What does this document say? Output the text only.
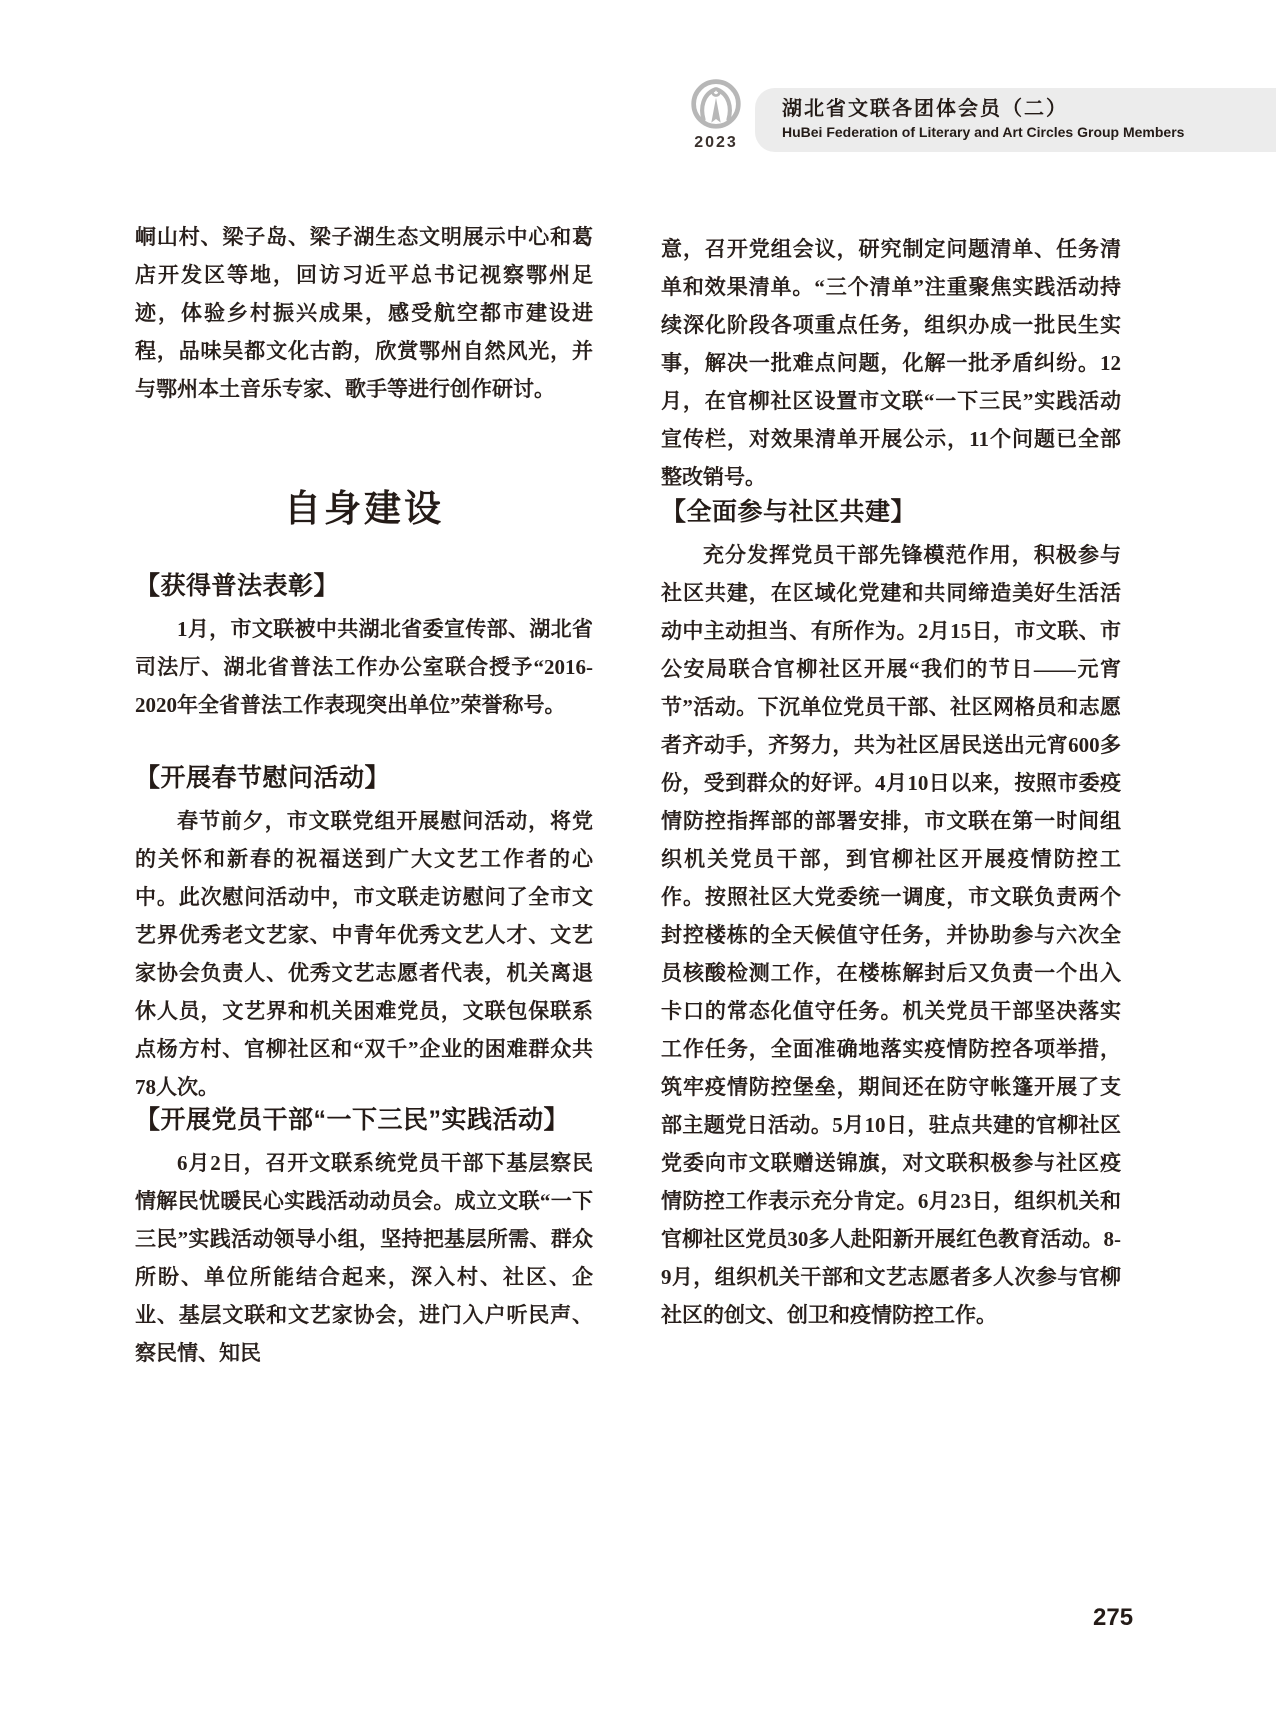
2023
湖北省文联各团体会员（二）
HuBei Federation of Literary and Art Circles Group Members

峒山村、梁子岛、梁子湖生态文明展示中心和葛店开发区等地，回访习近平总书记视察鄂州足迹，体验乡村振兴成果，感受航空都市建设进程，品味吴都文化古韵，欣赏鄂州自然风光，并与鄂州本土音乐专家、歌手等进行创作研讨。

自身建设
【获得普法表彰】

1月，市文联被中共湖北省委宣传部、湖北省司法厅、湖北省普法工作办公室联合授予“2016-2020年全省普法工作表现突出单位”荣誉称号。

【开展春节慰问活动】

春节前夕，市文联党组开展慰问活动，将党的关怀和新春的祝福送到广大文艺工作者的心中。此次慰问活动中，市文联走访慰问了全市文艺界优秀老文艺家、中青年优秀文艺人才、文艺家协会负责人、优秀文艺志愿者代表，机关离退休人员，文艺界和机关困难党员，文联包保联系点杨方村、官柳社区和“双千”企业的困难群众共78人次。

【开展党员干部“一下三民”实践活动】

6月2日，召开文联系统党员干部下基层察民情解民忧暖民心实践活动动员会。成立文联“一下三民”实践活动领导小组，坚持把基层所需、群众所盼、单位所能结合起来，深入村、社区、企业、基层文联和文艺家协会，进门入户听民声、察民情、知民

意，召开党组会议，研究制定问题清单、任务清单和效果清单。“三个清单”注重聚焦实践活动持续深化阶段各项重点任务，组织办成一批民生实事，解决一批难点问题，化解一批矛盾纠纷。12月，在官柳社区设置市文联“一下三民”实践活动宣传栏，对效果清单开展公示，11个问题已全部整改销号。

【全面参与社区共建】

充分发挥党员干部先锋模范作用，积极参与社区共建，在区域化党建和共同缔造美好生活活动中主动担当、有所作为。2月15日，市文联、市公安局联合官柳社区开展“我们的节日——元宵节”活动。下沉单位党员干部、社区网格员和志愿者齐动手，齐努力，共为社区居民送出元宵600多份，受到群众的好评。4月10日以来，按照市委疫情防控指挥部的部署安排，市文联在第一时间组织机关党员干部，到官柳社区开展疫情防控工作。按照社区大党委统一调度，市文联负责两个封控楼栋的全天候值守任务，并协助参与六次全员核酸检测工作，在楼栋解封后又负责一个出入卡口的常态化值守任务。机关党员干部坚决落实工作任务，全面准确地落实疫情防控各项举措，筑牢疫情防控堡垒，期间还在防守帐篷开展了支部主题党日活动。5月10日，驻点共建的官柳社区党委向市文联赠送锦旗，对文联积极参与社区疫情防控工作表示充分肯定。6月23日，组织机关和官柳社区党员30多人赴阳新开展红色教育活动。8-9月，组织机关干部和文艺志愿者多人次参与官柳社区的创文、创卫和疫情防控工作。

275
